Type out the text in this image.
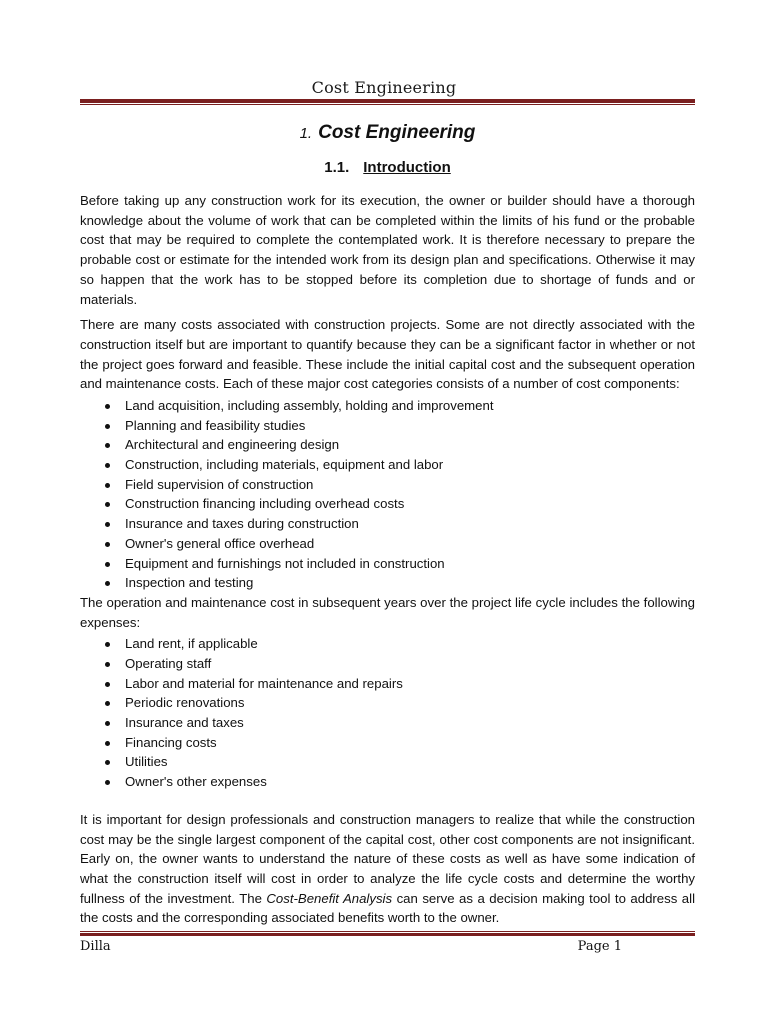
Cost Engineering
1. Cost Engineering
1.1. Introduction

Before taking up any construction work for its execution, the owner or builder should have a thorough knowledge about the volume of work that can be completed within the limits of his fund or the probable cost that may be required to complete the contemplated work. It is therefore necessary to prepare the probable cost or estimate for the intended work from its design plan and specifications. Otherwise it may so happen that the work has to be stopped before its completion due to shortage of funds and or materials.

There are many costs associated with construction projects. Some are not directly associated with the construction itself but are important to quantify because they can be a significant factor in whether or not the project goes forward and feasible. These include the initial capital cost and the subsequent operation and maintenance costs. Each of these major cost categories consists of a number of cost components:

Land acquisition, including assembly, holding and improvement
Planning and feasibility studies
Architectural and engineering design
Construction, including materials, equipment and labor
Field supervision of construction
Construction financing including overhead costs
Insurance and taxes during construction
Owner's general office overhead
Equipment and furnishings not included in construction
Inspection and testing

The operation and maintenance cost in subsequent years over the project life cycle includes the following expenses:

Land rent, if applicable
Operating staff
Labor and material for maintenance and repairs
Periodic renovations
Insurance and taxes
Financing costs
Utilities
Owner's other expenses

It is important for design professionals and construction managers to realize that while the construction cost may be the single largest component of the capital cost, other cost components are not insignificant. Early on, the owner wants to understand the nature of these costs as well as have some indication of what the construction itself will cost in order to analyze the life cycle costs and determine the worthy fullness of the investment. The Cost-Benefit Analysis can serve as a decision making tool to address all the costs and the corresponding associated benefits worth to the owner.

Dilla	Page 1
